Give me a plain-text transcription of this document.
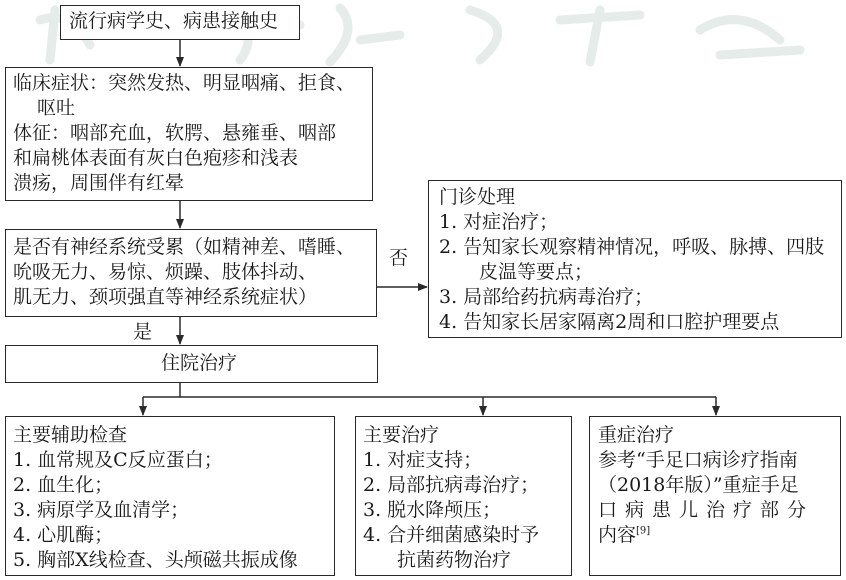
流行病学史、病患接触史
临床症状：突然发热、明显咽痛、拒食、
呕吐
体征：咽部充血，软腭、悬雍垂、咽部
和扁桃体表面有灰白色疱疹和浅表
溃疡，周围伴有红晕
是否有神经系统受累（如精神差、嗜睡、
吮吸无力、易惊、烦躁、肢体抖动、
肌无力、颈项强直等神经系统症状）
否
是
门诊处理
1. 对症治疗；
2. 告知家长观察精神情况，呼吸、脉搏、四肢
皮温等要点；
3. 局部给药抗病毒治疗；
4. 告知家长居家隔离2周和口腔护理要点
住院治疗
主要辅助检查
1. 血常规及C反应蛋白；
2. 血生化；
3. 病原学及血清学；
4. 心肌酶；
5. 胸部X线检查、头颅磁共振成像
主要治疗
1. 对症支持；
2. 局部抗病毒治疗；
3. 脱水降颅压；
4. 合并细菌感染时予
抗菌药物治疗
重症治疗
参考“手足口病诊疗指南
（2018年版）”重症手足
口病患儿治疗部分
内容[9]
